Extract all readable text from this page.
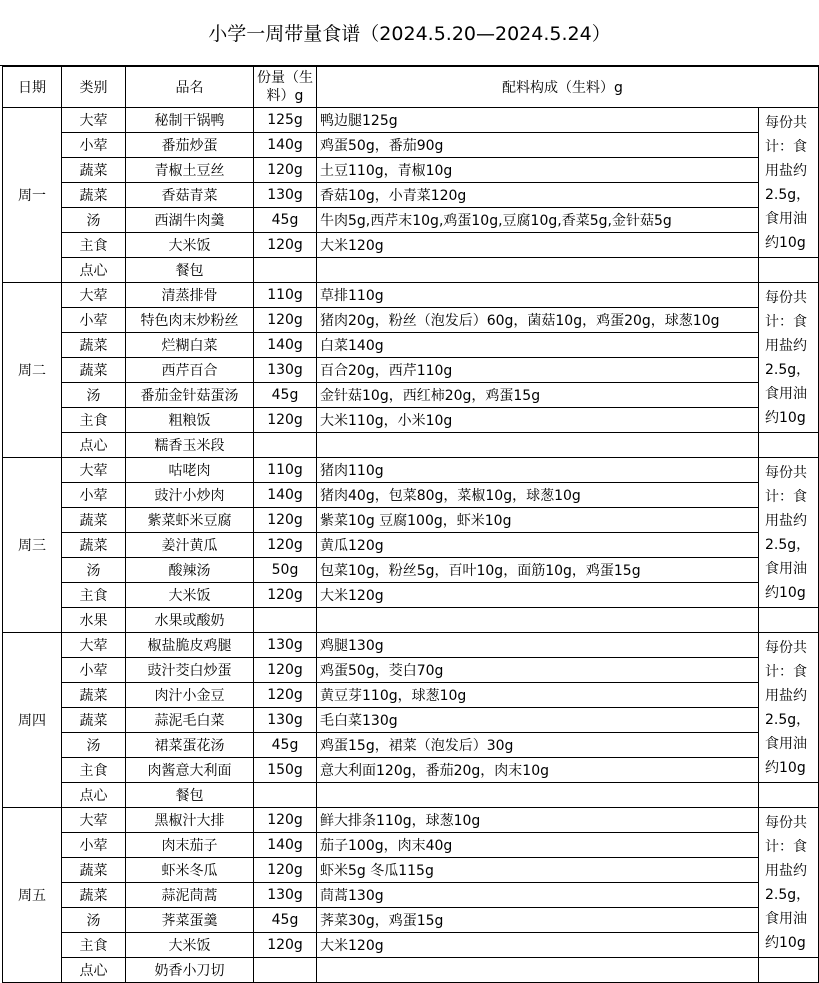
小学一周带量食谱（2024.5.20—2024.5.24）
日期	类别	品名	份量（生
料）g	配料构成（生料）g	
周一	大荤	秘制干锅鸭	125g	鸭边腿125g	每份共计：食用盐约2.5g，食用油约10g
	小荤	番茄炒蛋	140g	鸡蛋50g，番茄90g	
	蔬菜	青椒土豆丝	120g	土豆110g，青椒10g	
	蔬菜	香菇青菜	130g	香菇10g，小青菜120g	
	汤	西湖牛肉羹	45g	牛肉5g,西芹末10g,鸡蛋10g,豆腐10g,香菜5g,金针菇5g	
	主食	大米饭	120g	大米120g	
	点心	餐包			
周二	大荤	清蒸排骨	110g	草排110g	每份共计：食用盐约2.5g，食用油约10g
	小荤	特色肉末炒粉丝	120g	猪肉20g，粉丝（泡发后）60g，菌菇10g，鸡蛋20g，球葱10g	
	蔬菜	烂糊白菜	140g	白菜140g	
	蔬菜	西芹百合	130g	百合20g，西芹110g	
	汤	番茄金针菇蛋汤	45g	金针菇10g，西红柿20g，鸡蛋15g	
	主食	粗粮饭	120g	大米110g，小米10g	
	点心	糯香玉米段			
周三	大荤	咕咾肉	110g	猪肉110g	每份共计：食用盐约2.5g，食用油约10g
	小荤	豉汁小炒肉	140g	猪肉40g，包菜80g，菜椒10g，球葱10g	
	蔬菜	紫菜虾米豆腐	120g	紫菜10g 豆腐100g，虾米10g	
	蔬菜	姜汁黄瓜	120g	黄瓜120g	
	汤	酸辣汤	50g	包菜10g，粉丝5g，百叶10g，面筋10g，鸡蛋15g	
	主食	大米饭	120g	大米120g	
	水果	水果或酸奶			
周四	大荤	椒盐脆皮鸡腿	130g	鸡腿130g	每份共计：食用盐约2.5g，食用油约10g
	小荤	豉汁茭白炒蛋	120g	鸡蛋50g，茭白70g	
	蔬菜	肉汁小金豆	120g	黄豆芽110g，球葱10g	
	蔬菜	蒜泥毛白菜	130g	毛白菜130g	
	汤	裙菜蛋花汤	45g	鸡蛋15g，裙菜（泡发后）30g	
	主食	肉酱意大利面	150g	意大利面120g，番茄20g，肉末10g	
	点心	餐包			
周五	大荤	黑椒汁大排	120g	鲜大排条110g，球葱10g	每份共计：食用盐约2.5g，食用油约10g
	小荤	肉末茄子	140g	茄子100g，肉末40g	
	蔬菜	虾米冬瓜	120g	虾米5g 冬瓜115g	
	蔬菜	蒜泥茼蒿	130g	茼蒿130g	
	汤	荠菜蛋羹	45g	荠菜30g，鸡蛋15g	
	主食	大米饭	120g	大米120g	
	点心	奶香小刀切			
